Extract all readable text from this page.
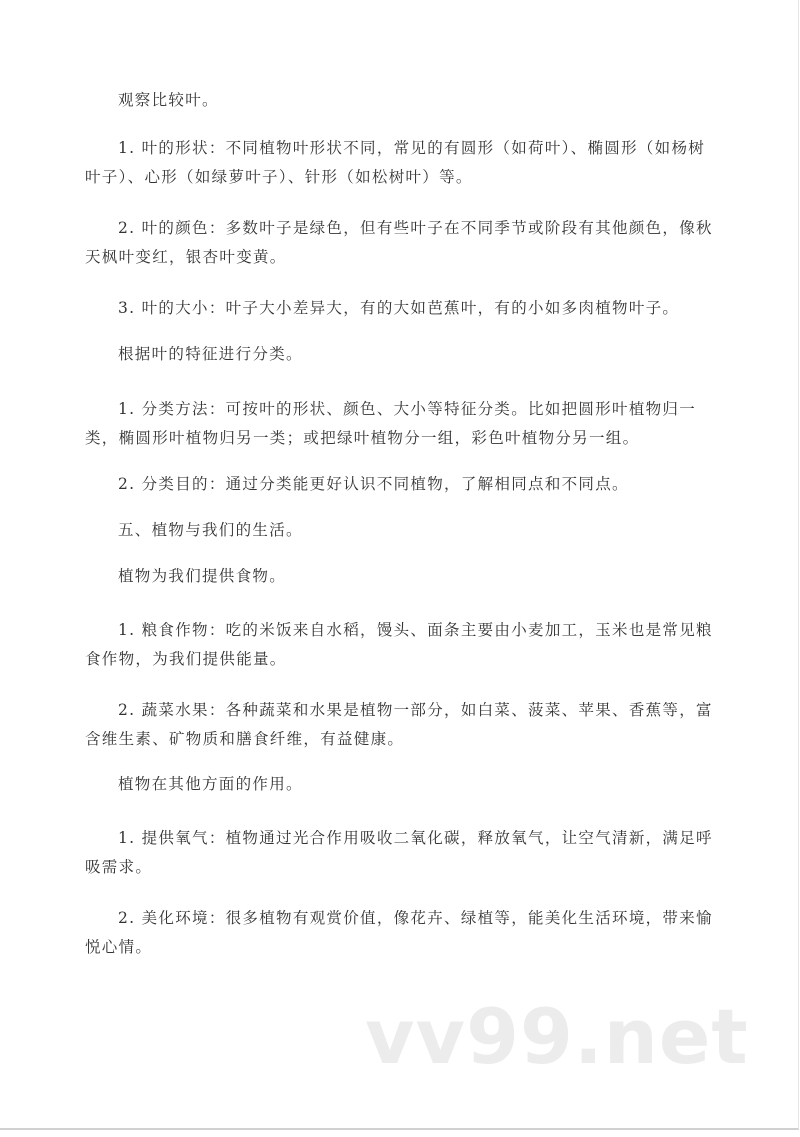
观察比较叶。
1. 叶的形状：不同植物叶形状不同，常见的有圆形（如荷叶）、椭圆形（如杨树
叶子）、心形（如绿萝叶子）、针形（如松树叶）等。
2. 叶的颜色：多数叶子是绿色，但有些叶子在不同季节或阶段有其他颜色，像秋
天枫叶变红，银杏叶变黄。
3. 叶的大小：叶子大小差异大，有的大如芭蕉叶，有的小如多肉植物叶子。
根据叶的特征进行分类。
1. 分类方法：可按叶的形状、颜色、大小等特征分类。比如把圆形叶植物归一
类，椭圆形叶植物归另一类；或把绿叶植物分一组，彩色叶植物分另一组。
2. 分类目的：通过分类能更好认识不同植物，了解相同点和不同点。
五、植物与我们的生活。
植物为我们提供食物。
1. 粮食作物：吃的米饭来自水稻，馒头、面条主要由小麦加工，玉米也是常见粮
食作物，为我们提供能量。
2. 蔬菜水果：各种蔬菜和水果是植物一部分，如白菜、菠菜、苹果、香蕉等，富
含维生素、矿物质和膳食纤维，有益健康。
植物在其他方面的作用。
1. 提供氧气：植物通过光合作用吸收二氧化碳，释放氧气，让空气清新，满足呼
吸需求。
2. 美化环境：很多植物有观赏价值，像花卉、绿植等，能美化生活环境，带来愉
悦心情。
vv99.net
